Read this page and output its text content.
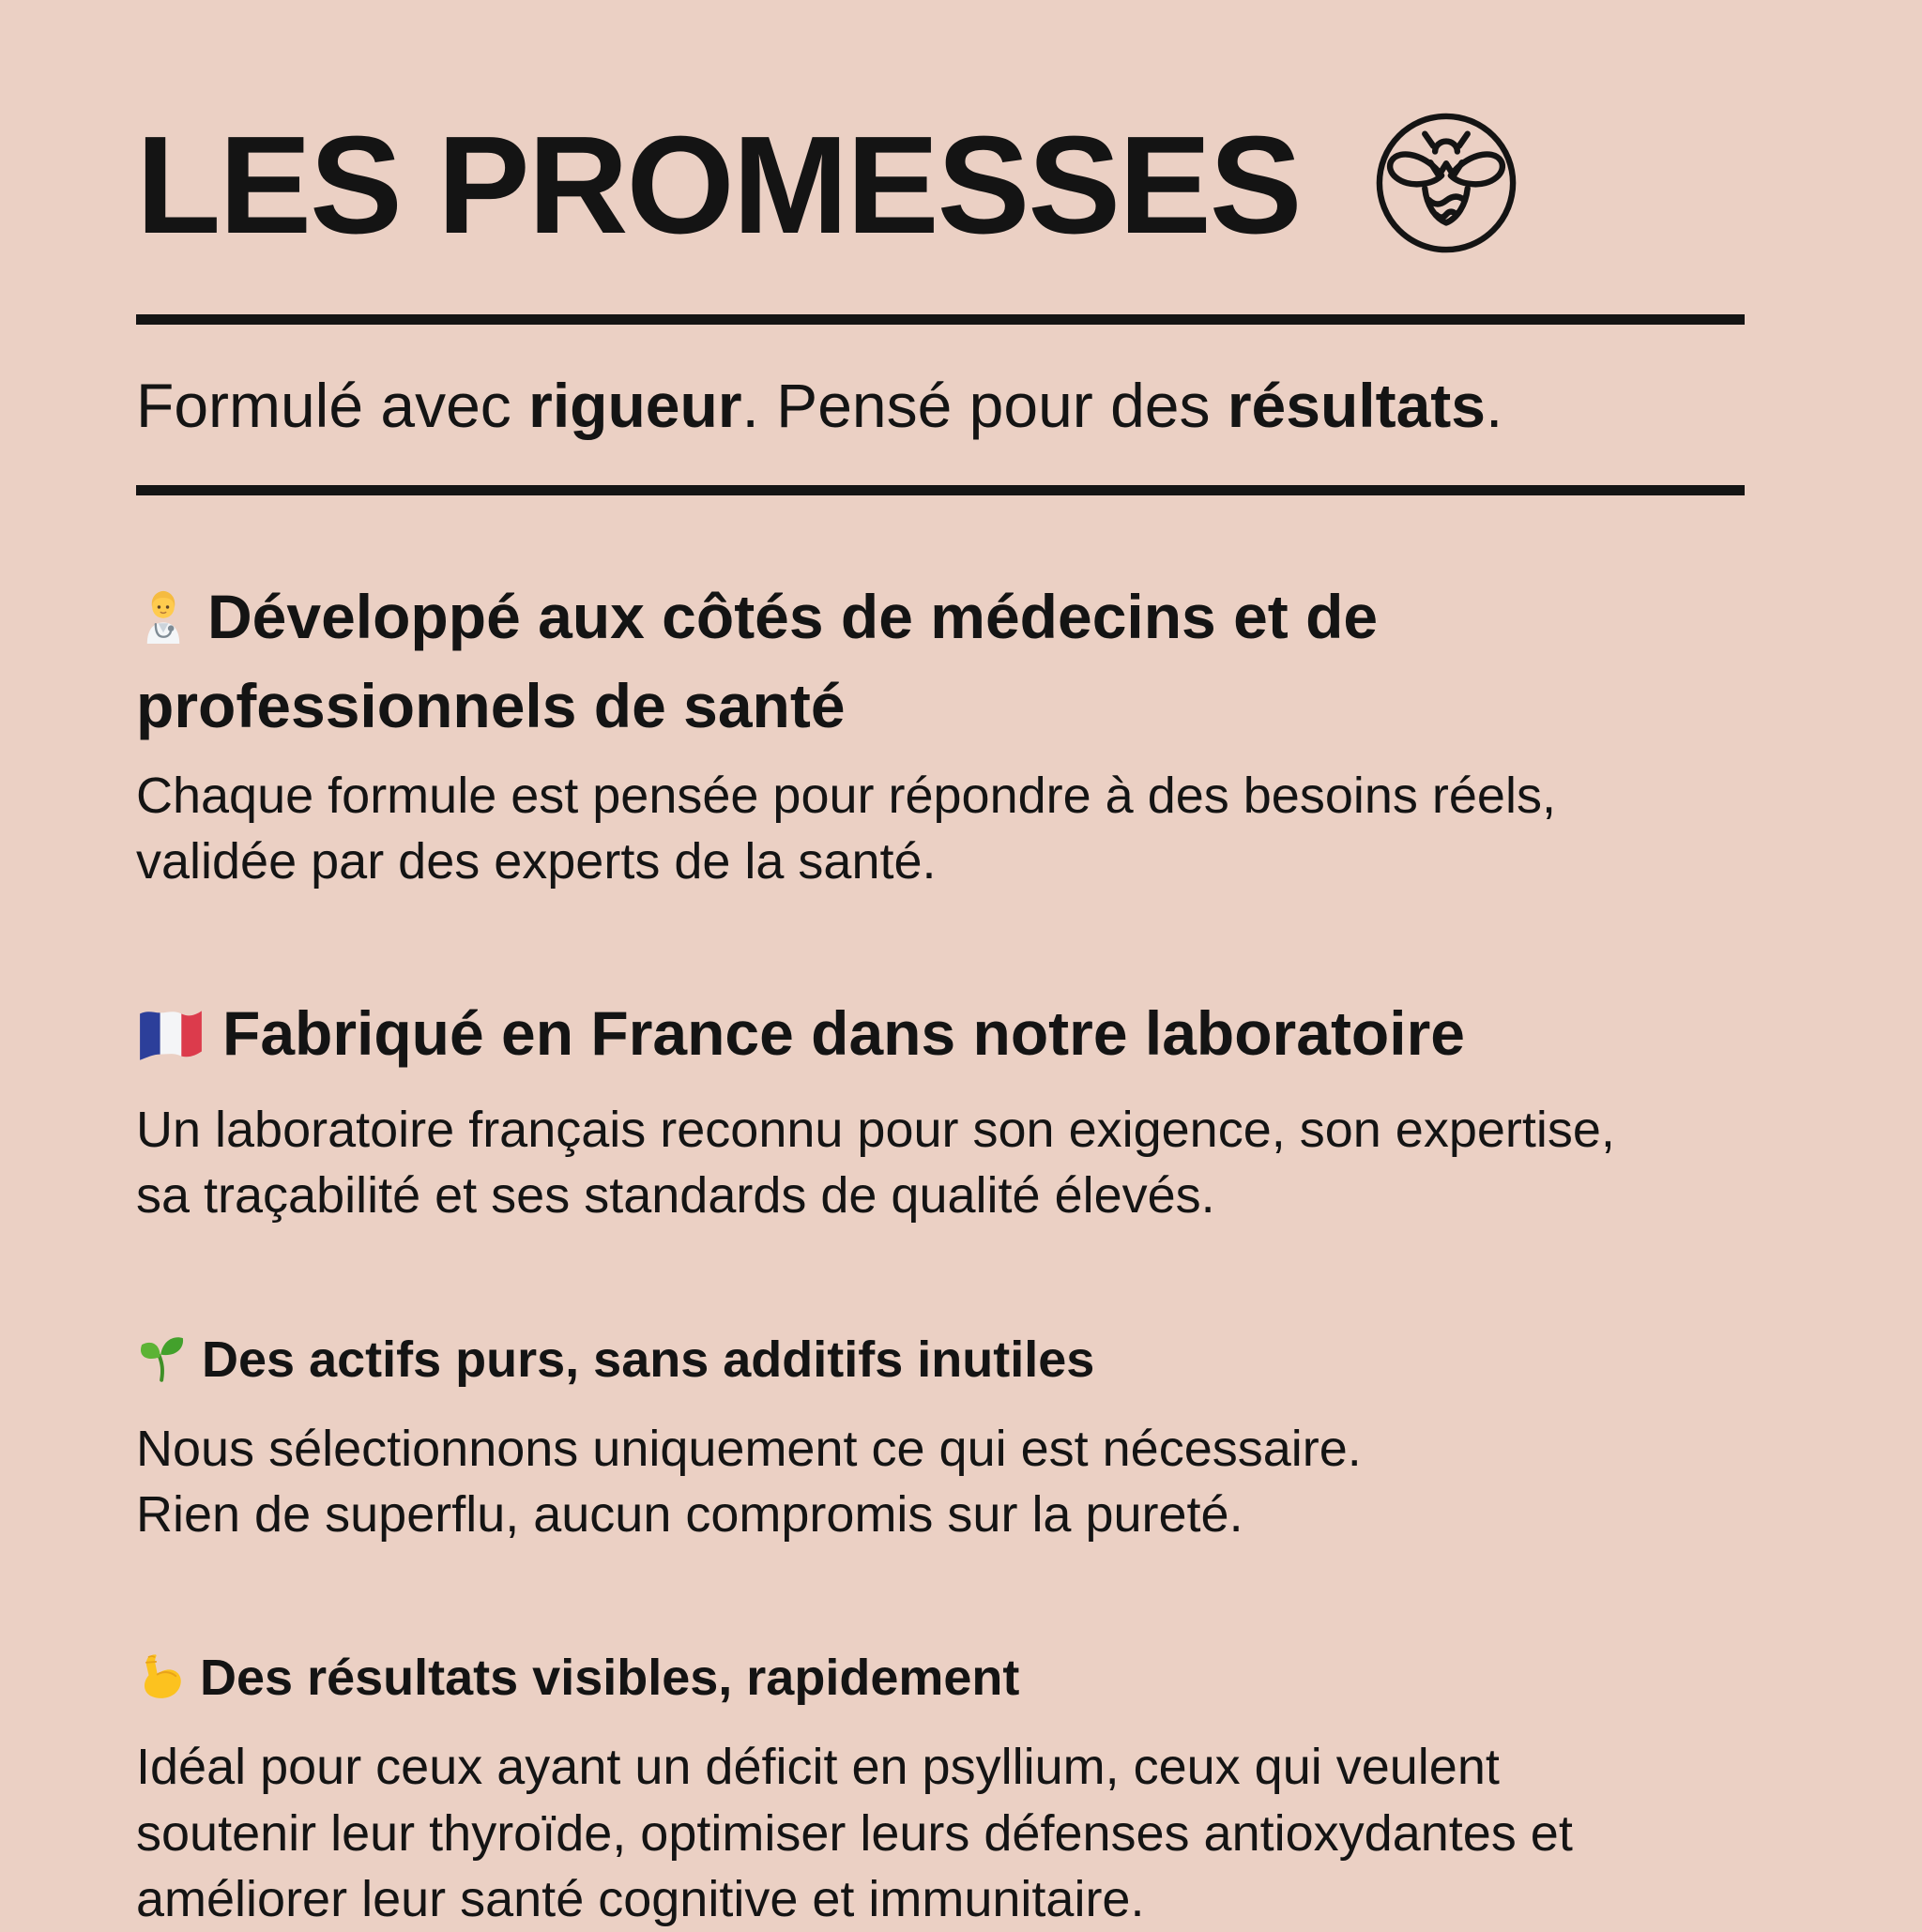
LES PROMESSES
Formulé avec rigueur. Pensé pour des résultats.
Développé aux côtés de médecins et de
professionnels de santé
Chaque formule est pensée pour répondre à des besoins réels,
validée par des experts de la santé.
Fabriqué en France dans notre laboratoire
Un laboratoire français reconnu pour son exigence, son expertise,
sa traçabilité et ses standards de qualité élevés.
Des actifs purs, sans additifs inutiles
Nous sélectionnons uniquement ce qui est nécessaire.
Rien de superflu, aucun compromis sur la pureté.
Des résultats visibles, rapidement
Idéal pour ceux ayant un déficit en psyllium, ceux qui veulent
soutenir leur thyroïde, optimiser leurs défenses antioxydantes et
améliorer leur santé cognitive et immunitaire.
